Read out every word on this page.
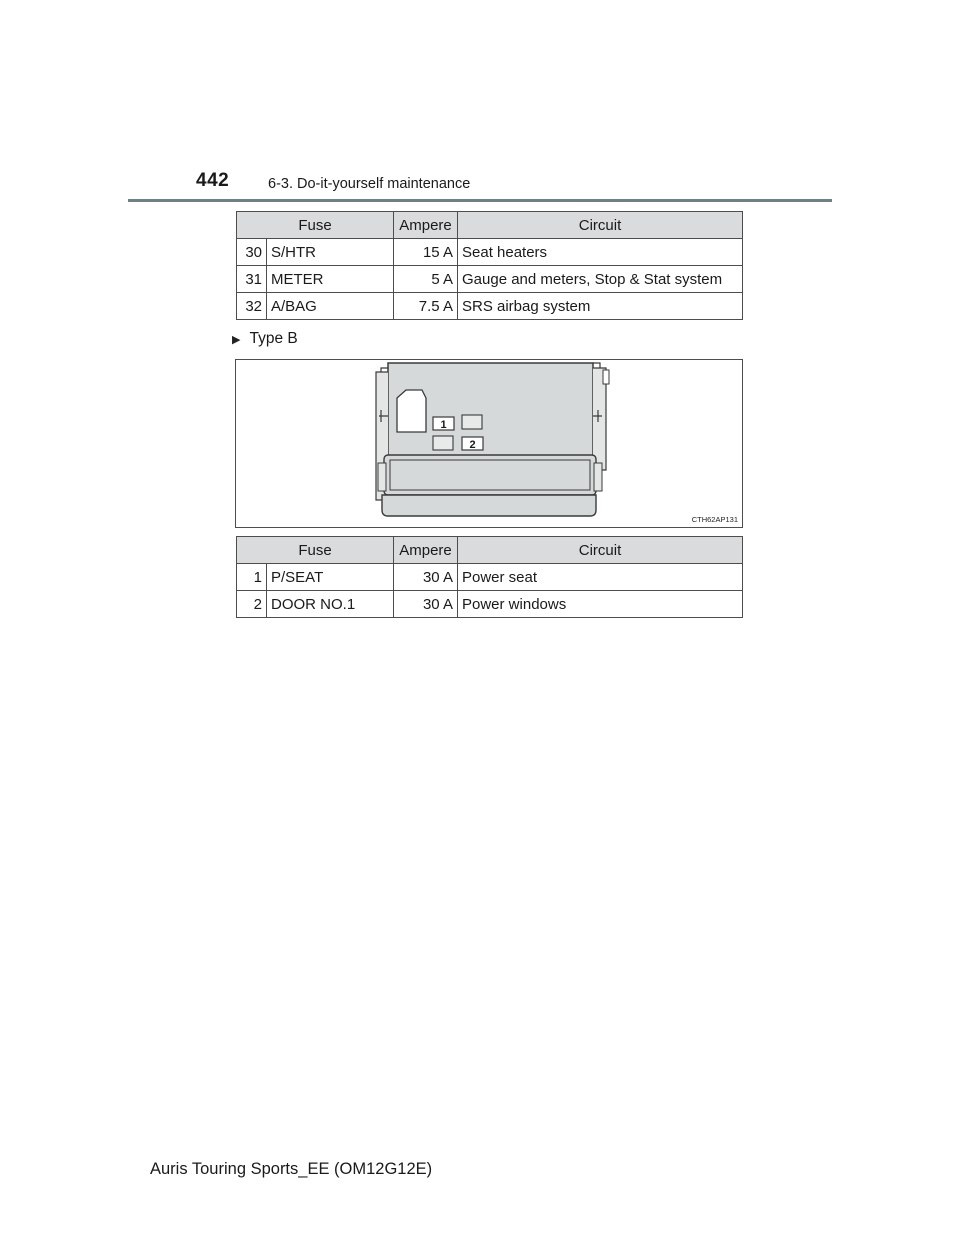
442	6-3. Do-it-yourself maintenance
Fuse		Ampere	Circuit
30	S/HTR	15 A	Seat heaters
31	METER	5 A	Gauge and meters, Stop & Stat system
32	A/BAG	7.5 A	SRS airbag system
▶ Type B
1
2
CTH62AP131
Fuse		Ampere	Circuit
1	P/SEAT	30 A	Power seat
2	DOOR NO.1	30 A	Power windows
Auris Touring Sports_EE (OM12G12E)
